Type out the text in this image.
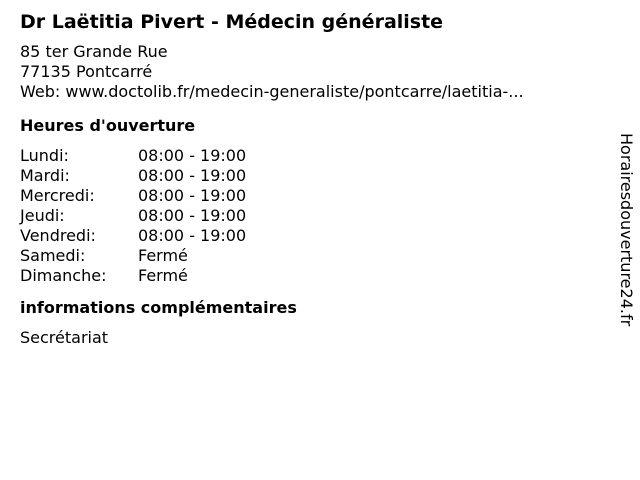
Dr Laëtitia Pivert - Médecin généraliste
85 ter Grande Rue
77135 Pontcarré
Web: www.doctolib.fr/medecin-generaliste/pontcarre/laetitia-...
Heures d'ouverture
Lundi:	08:00 - 19:00
Mardi:	08:00 - 19:00
Mercredi:	08:00 - 19:00
Jeudi:	08:00 - 19:00
Vendredi:	08:00 - 19:00
Samedi:	Fermé
Dimanche:	Fermé
informations complémentaires
Secrétariat
Horairesdouverture24.fr
